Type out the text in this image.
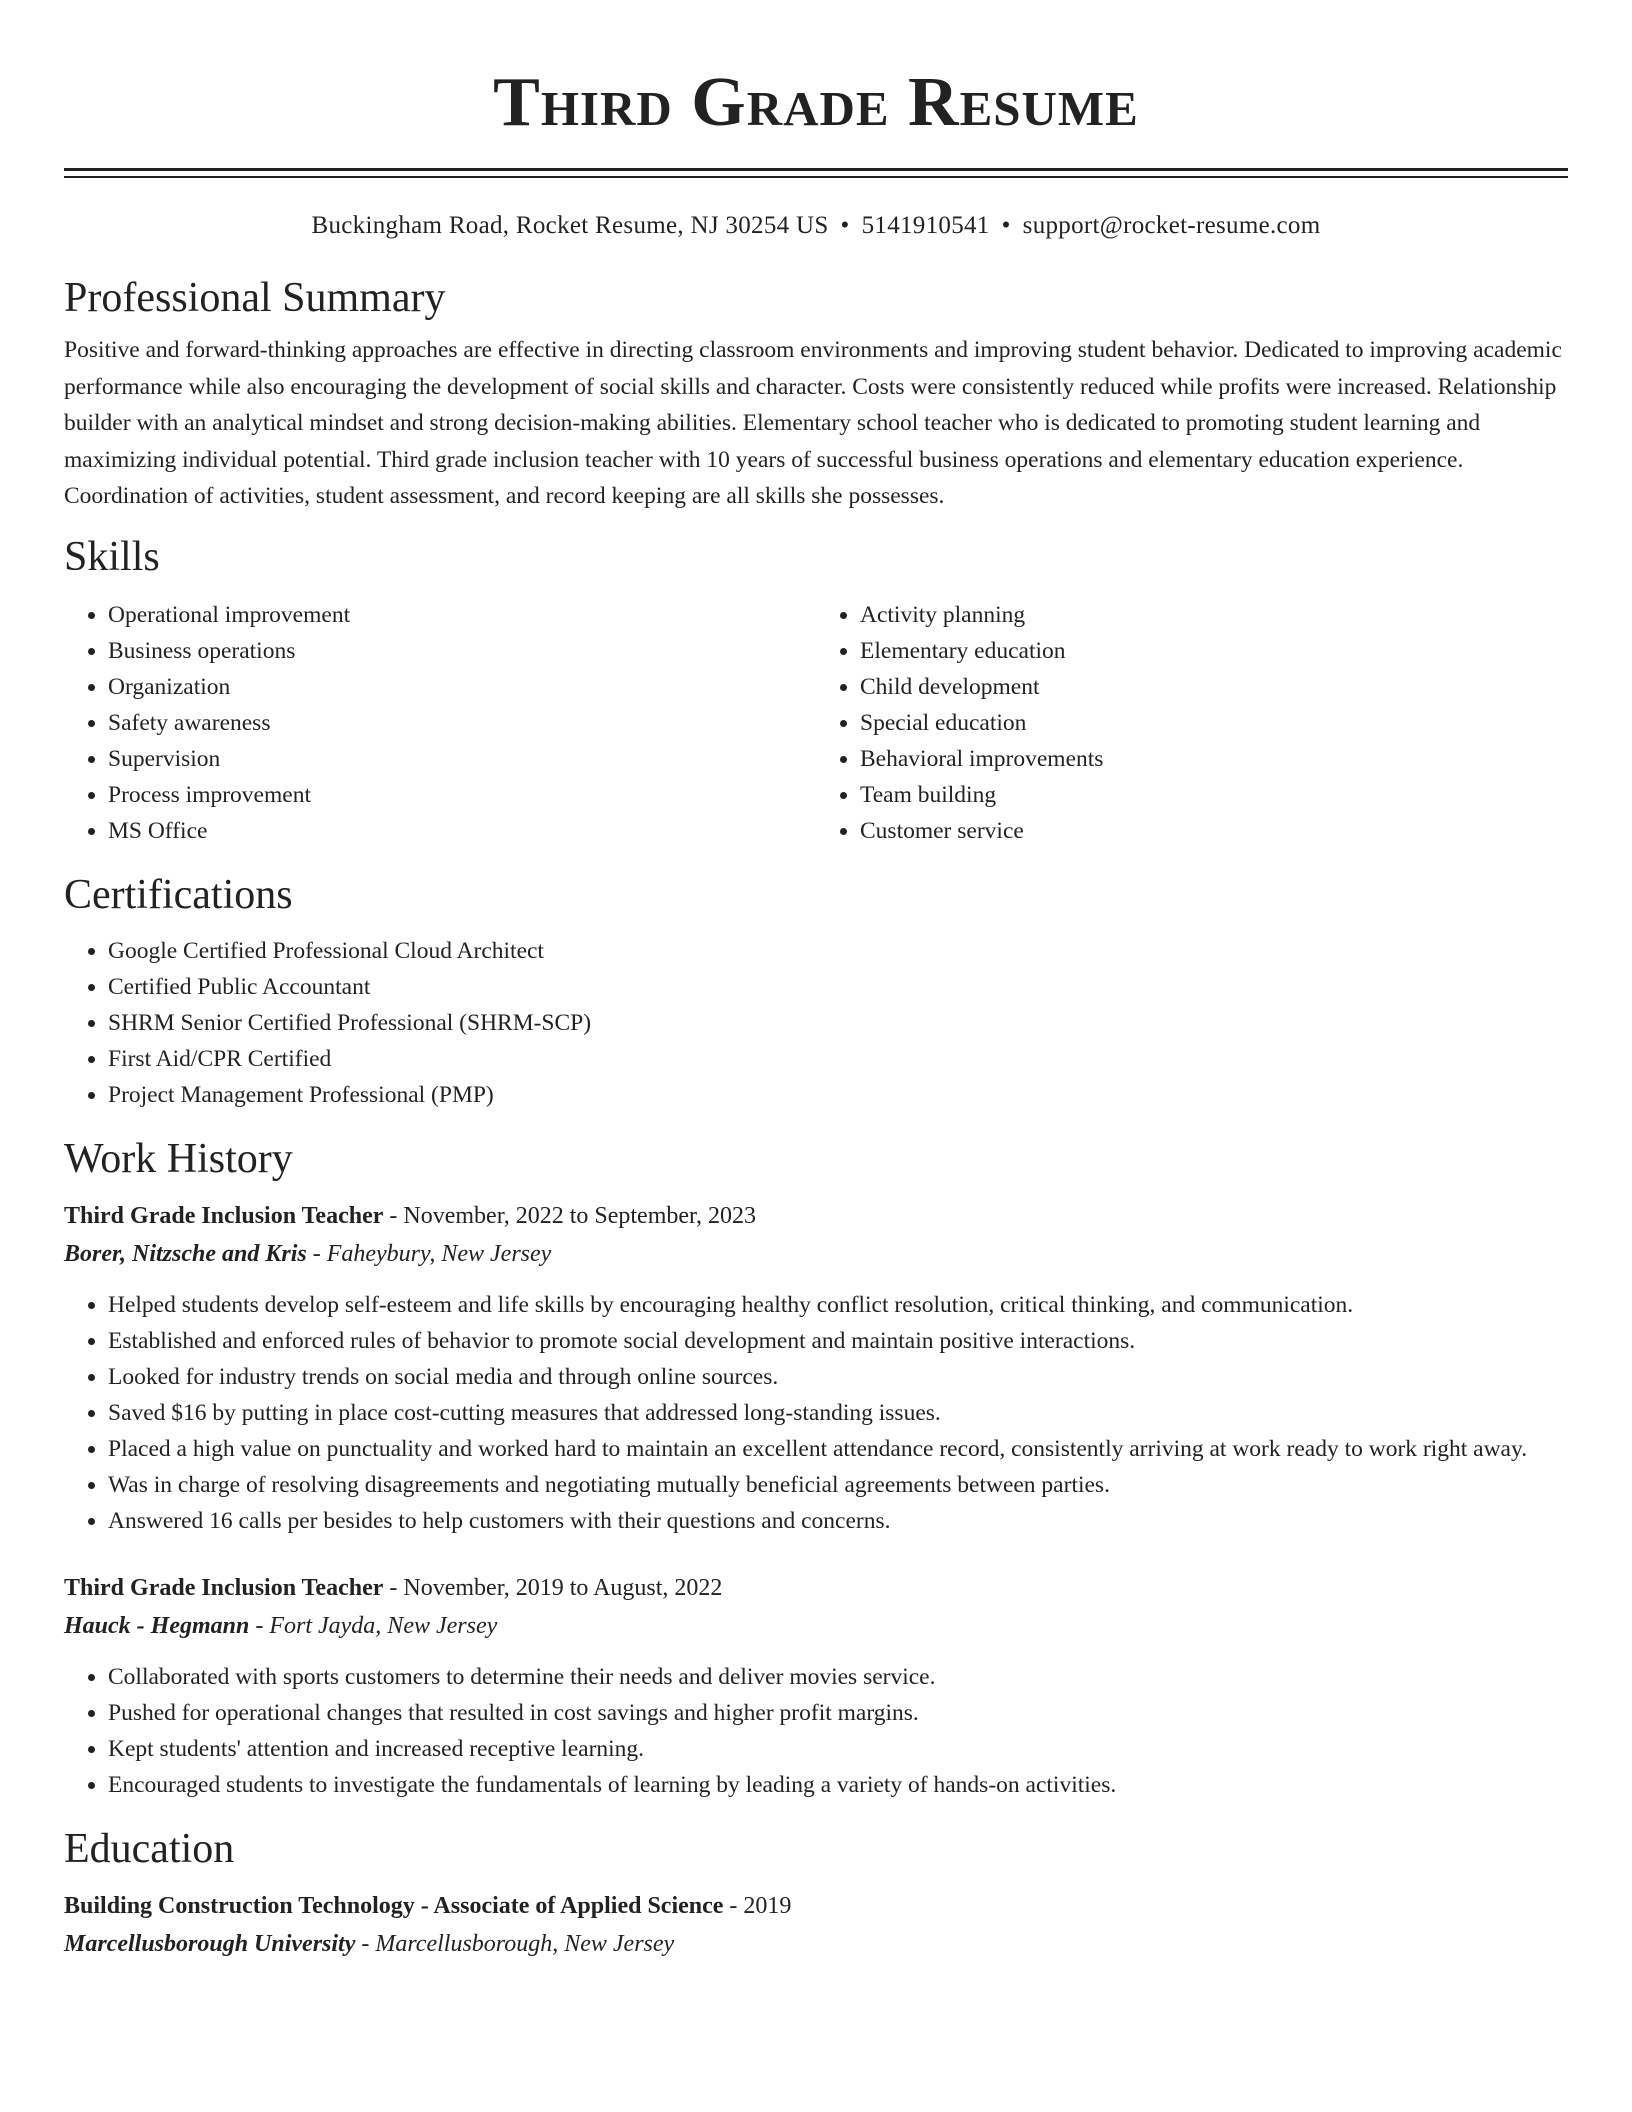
Third Grade Resume
Buckingham Road, Rocket Resume, NJ 30254 US • 5141910541 • support@rocket-resume.com
Professional Summary

Positive and forward-thinking approaches are effective in directing classroom environments and improving student behavior. Dedicated to improving academic performance while also encouraging the development of social skills and character. Costs were consistently reduced while profits were increased. Relationship builder with an analytical mindset and strong decision-making abilities. Elementary school teacher who is dedicated to promoting student learning and maximizing individual potential. Third grade inclusion teacher with 10 years of successful business operations and elementary education experience. Coordination of activities, student assessment, and record keeping are all skills she possesses.

Skills
• Operational improvement
• Business operations
• Organization
• Safety awareness
• Supervision
• Process improvement
• MS Office
• Activity planning
• Elementary education
• Child development
• Special education
• Behavioral improvements
• Team building
• Customer service
Certifications
• Google Certified Professional Cloud Architect
• Certified Public Accountant
• SHRM Senior Certified Professional (SHRM-SCP)
• First Aid/CPR Certified
• Project Management Professional (PMP)
Work History
Third Grade Inclusion Teacher - November, 2022 to September, 2023
Borer, Nitzsche and Kris - Faheybury, New Jersey
• Helped students develop self-esteem and life skills by encouraging healthy conflict resolution, critical thinking, and communication.
• Established and enforced rules of behavior to promote social development and maintain positive interactions.
• Looked for industry trends on social media and through online sources.
• Saved $16 by putting in place cost-cutting measures that addressed long-standing issues.
• Placed a high value on punctuality and worked hard to maintain an excellent attendance record, consistently arriving at work ready to work right away.
• Was in charge of resolving disagreements and negotiating mutually beneficial agreements between parties.
• Answered 16 calls per besides to help customers with their questions and concerns.
Third Grade Inclusion Teacher - November, 2019 to August, 2022
Hauck - Hegmann - Fort Jayda, New Jersey
• Collaborated with sports customers to determine their needs and deliver movies service.
• Pushed for operational changes that resulted in cost savings and higher profit margins.
• Kept students' attention and increased receptive learning.
• Encouraged students to investigate the fundamentals of learning by leading a variety of hands-on activities.
Education
Building Construction Technology - Associate of Applied Science - 2019
Marcellusborough University - Marcellusborough, New Jersey
